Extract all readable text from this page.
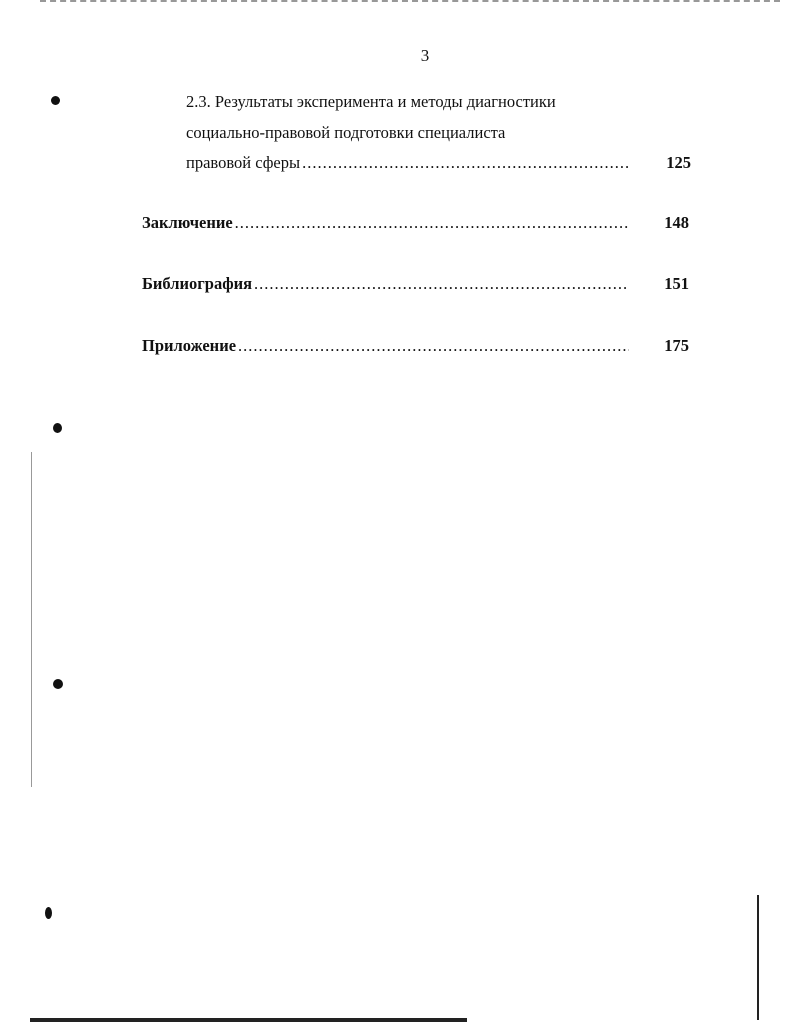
3
2.3. Результаты эксперимента и методы диагностики
социально-правовой подготовки специалиста
правовой сферы .....	125
Заключение .....	148
Библиография .....	151
Приложение .....	175
